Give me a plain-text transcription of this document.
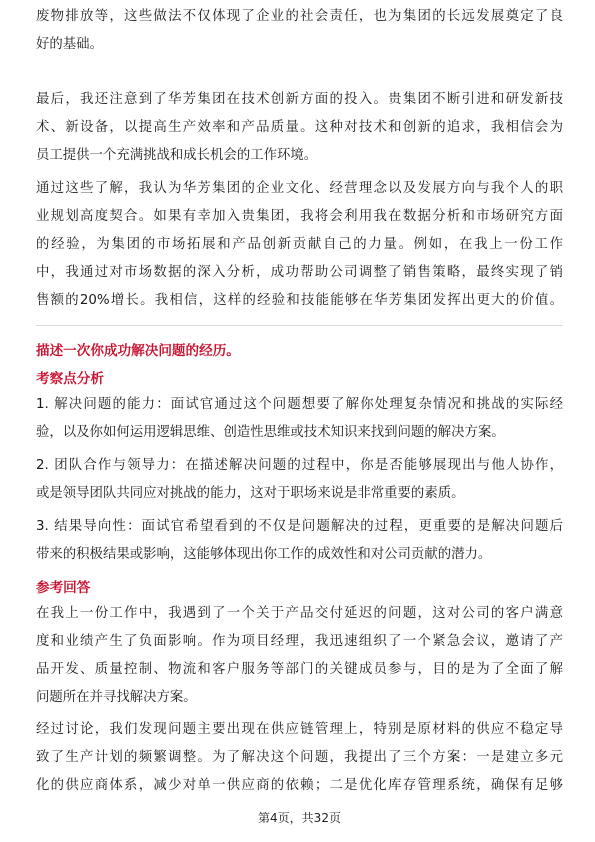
废物排放等，这些做法不仅体现了企业的社会责任，也为集团的长远发展奠定了良
好的基础。
最后，我还注意到了华芳集团在技术创新方面的投入。贵集团不断引进和研发新技
术、新设备，以提高生产效率和产品质量。这种对技术和创新的追求，我相信会为
员工提供一个充满挑战和成长机会的工作环境。
通过这些了解，我认为华芳集团的企业文化、经营理念以及发展方向与我个人的职
业规划高度契合。如果有幸加入贵集团，我将会利用我在数据分析和市场研究方面
的经验，为集团的市场拓展和产品创新贡献自己的力量。例如，在我上一份工作
中，我通过对市场数据的深入分析，成功帮助公司调整了销售策略，最终实现了销
售额的20%增长。我相信，这样的经验和技能能够在华芳集团发挥出更大的价值。
描述一次你成功解决问题的经历。
考察点分析
1. 解决问题的能力：面试官通过这个问题想要了解你处理复杂情况和挑战的实际经
验，以及你如何运用逻辑思维、创造性思维或技术知识来找到问题的解决方案。
2. 团队合作与领导力：在描述解决问题的过程中，你是否能够展现出与他人协作，
或是领导团队共同应对挑战的能力，这对于职场来说是非常重要的素质。
3. 结果导向性：面试官希望看到的不仅是问题解决的过程，更重要的是解决问题后
带来的积极结果或影响，这能够体现出你工作的成效性和对公司贡献的潜力。
参考回答
在我上一份工作中，我遇到了一个关于产品交付延迟的问题，这对公司的客户满意
度和业绩产生了负面影响。作为项目经理，我迅速组织了一个紧急会议，邀请了产
品开发、质量控制、物流和客户服务等部门的关键成员参与，目的是为了全面了解
问题所在并寻找解决方案。
经过讨论，我们发现问题主要出现在供应链管理上，特别是原材料的供应不稳定导
致了生产计划的频繁调整。为了解决这个问题，我提出了三个方案：一是建立多元
化的供应商体系，减少对单一供应商的依赖；二是优化库存管理系统，确保有足够
第4页，共32页
